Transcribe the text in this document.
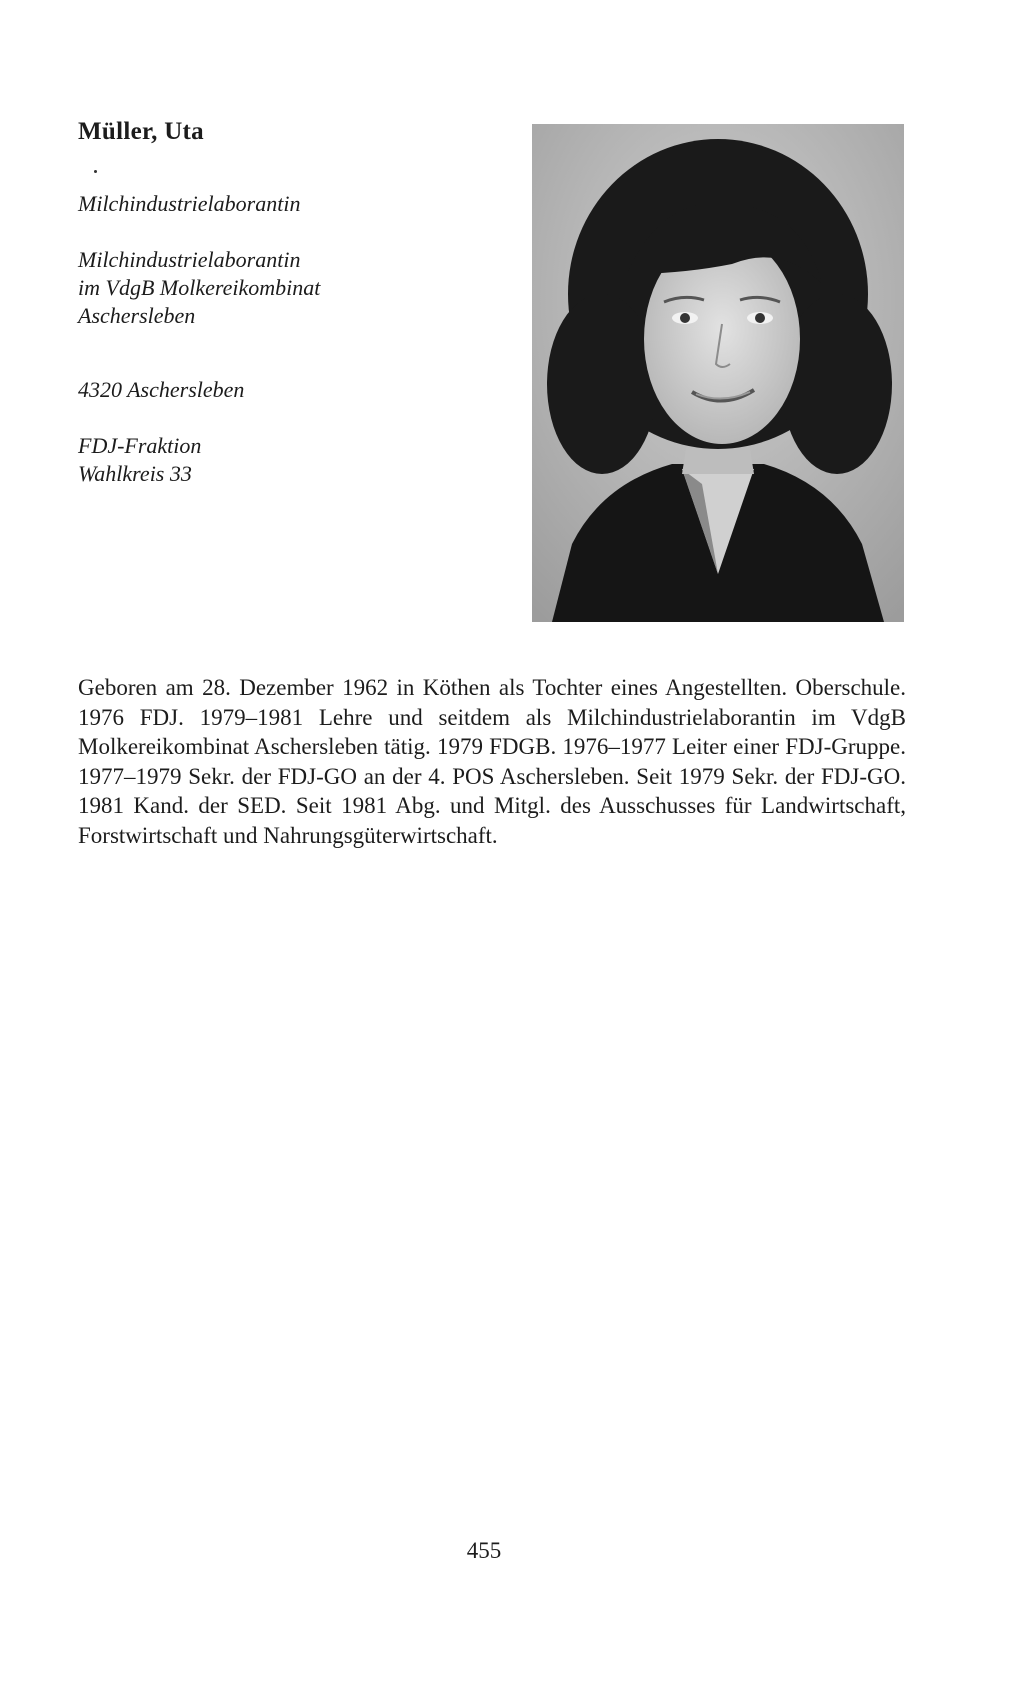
Müller, Uta

Milchindustrielaborantin

Milchindustrielaborantin
im VdgB Molkereikombinat
Aschersleben

4320 Aschersleben

FDJ-Fraktion
Wahlkreis 33

Geboren am 28. Dezember 1962 in Köthen als Tochter eines Angestellten. Oberschule. 1976 FDJ. 1979–1981 Lehre und seitdem als Milchindustrielaborantin im VdgB Molkereikombinat Aschersleben tätig. 1979 FDGB. 1976–1977 Leiter einer FDJ-Gruppe. 1977–1979 Sekr. der FDJ-GO an der 4. POS Aschersleben. Seit 1979 Sekr. der FDJ-GO. 1981 Kand. der SED. Seit 1981 Abg. und Mitgl. des Ausschusses für Landwirtschaft, Forstwirtschaft und Nahrungsgüterwirtschaft.

455
